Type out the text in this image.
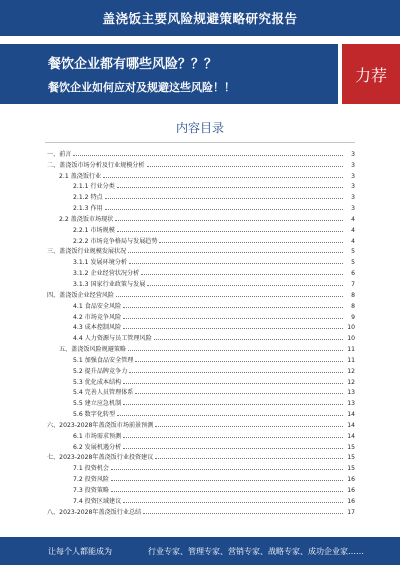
盖浇饭主要风险规避策略研究报告
餐饮企业都有哪些风险？？？
餐饮企业如何应对及规避这些风险！！
力荐
内容目录
一、前言	3
二、盖浇饭市场分析及行业规模分析	3
2.1 盖浇饭行业	3
2.1.1 行业分类	3
2.1.2 特点	3
2.1.3 作用	3
2.2 盖浇饭市场现状	4
2.2.1 市场规模	4
2.2.2 市场竞争格局与发展趋势	4
三、盖浇饭行业规模发展状况	5
3.1.1 发展环境分析	5
3.1.2 企业经营状况分析	6
3.1.3 国家行业政策与发展	7
四、盖浇饭企业经营风险	8
4.1 食品安全风险	8
4.2 市场竞争风险	9
4.3 成本控制风险	10
4.4 人力资源与员工管理风险	10
五、盖浇饭风险规避策略	11
5.1 加强食品安全管理	11
5.2 提升品牌竞争力	12
5.3 优化成本结构	12
5.4 完善人员管理体系	13
5.5 建立应急机制	13
5.6 数字化转型	14
六、2023-2028年盖浇饭市场前景预测	14
6.1 市场需求预测	14
6.2 发展机遇分析	15
七、2023-2028年盖浇饭行业投资建议	15
7.1 投资机会	15
7.2 投资风险	16
7.3 投资策略	16
7.4 投资区域建议	16
八、2023-2028年盖浇饭行业总结	17
让每个人都能成为	行业专家、管理专家、营销专家、战略专家、成功企业家……
